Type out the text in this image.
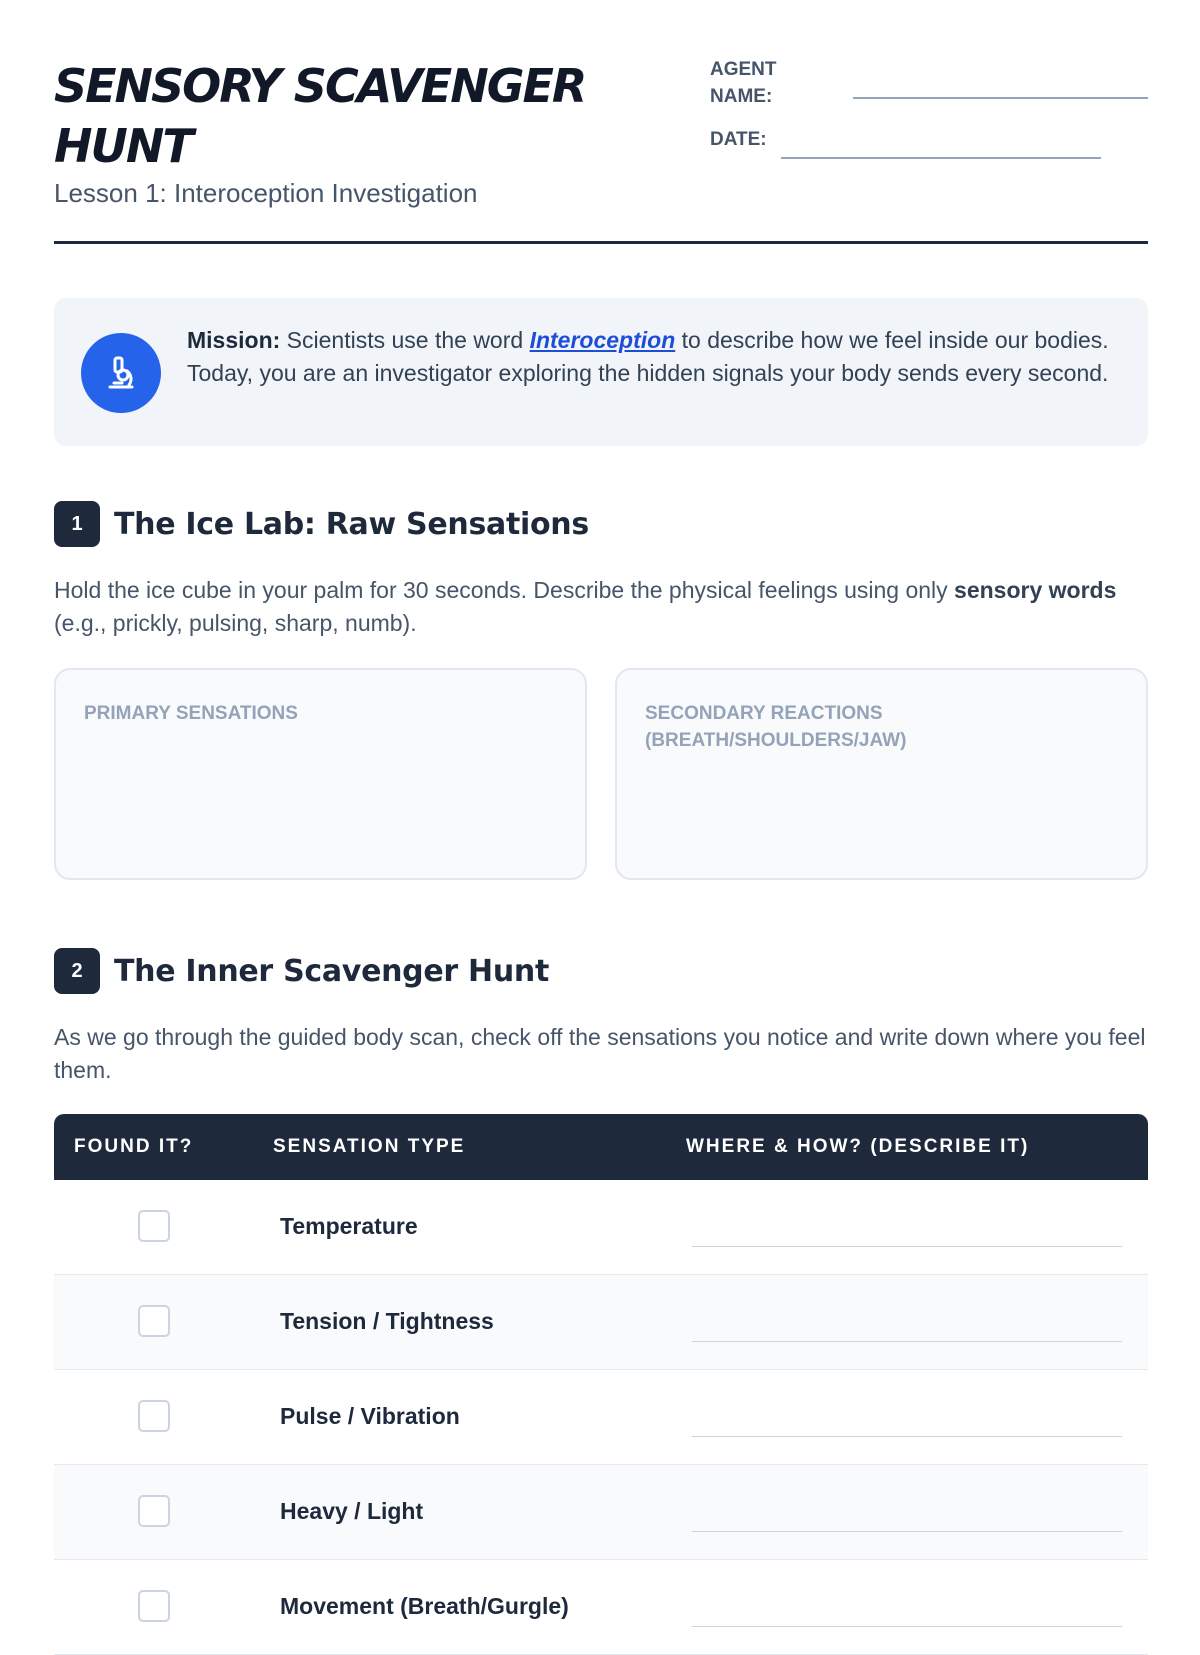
SENSORY SCAVENGER HUNT
Lesson 1: Interoception Investigation
AGENT NAME:
DATE:
Mission: Scientists use the word Interoception to describe how we feel inside our bodies. Today, you are an investigator exploring the hidden signals your body sends every second.
1	The Ice Lab: Raw Sensations
Hold the ice cube in your palm for 30 seconds. Describe the physical feelings using only sensory words (e.g., prickly, pulsing, sharp, numb).
PRIMARY SENSATIONS	SECONDARY REACTIONS (BREATH/SHOULDERS/JAW)
2	The Inner Scavenger Hunt
As we go through the guided body scan, check off the sensations you notice and write down where you feel them.
FOUND IT?	SENSATION TYPE	WHERE & HOW? (DESCRIBE IT)
Temperature
Tension / Tightness
Pulse / Vibration
Heavy / Light
Movement (Breath/Gurgle)
